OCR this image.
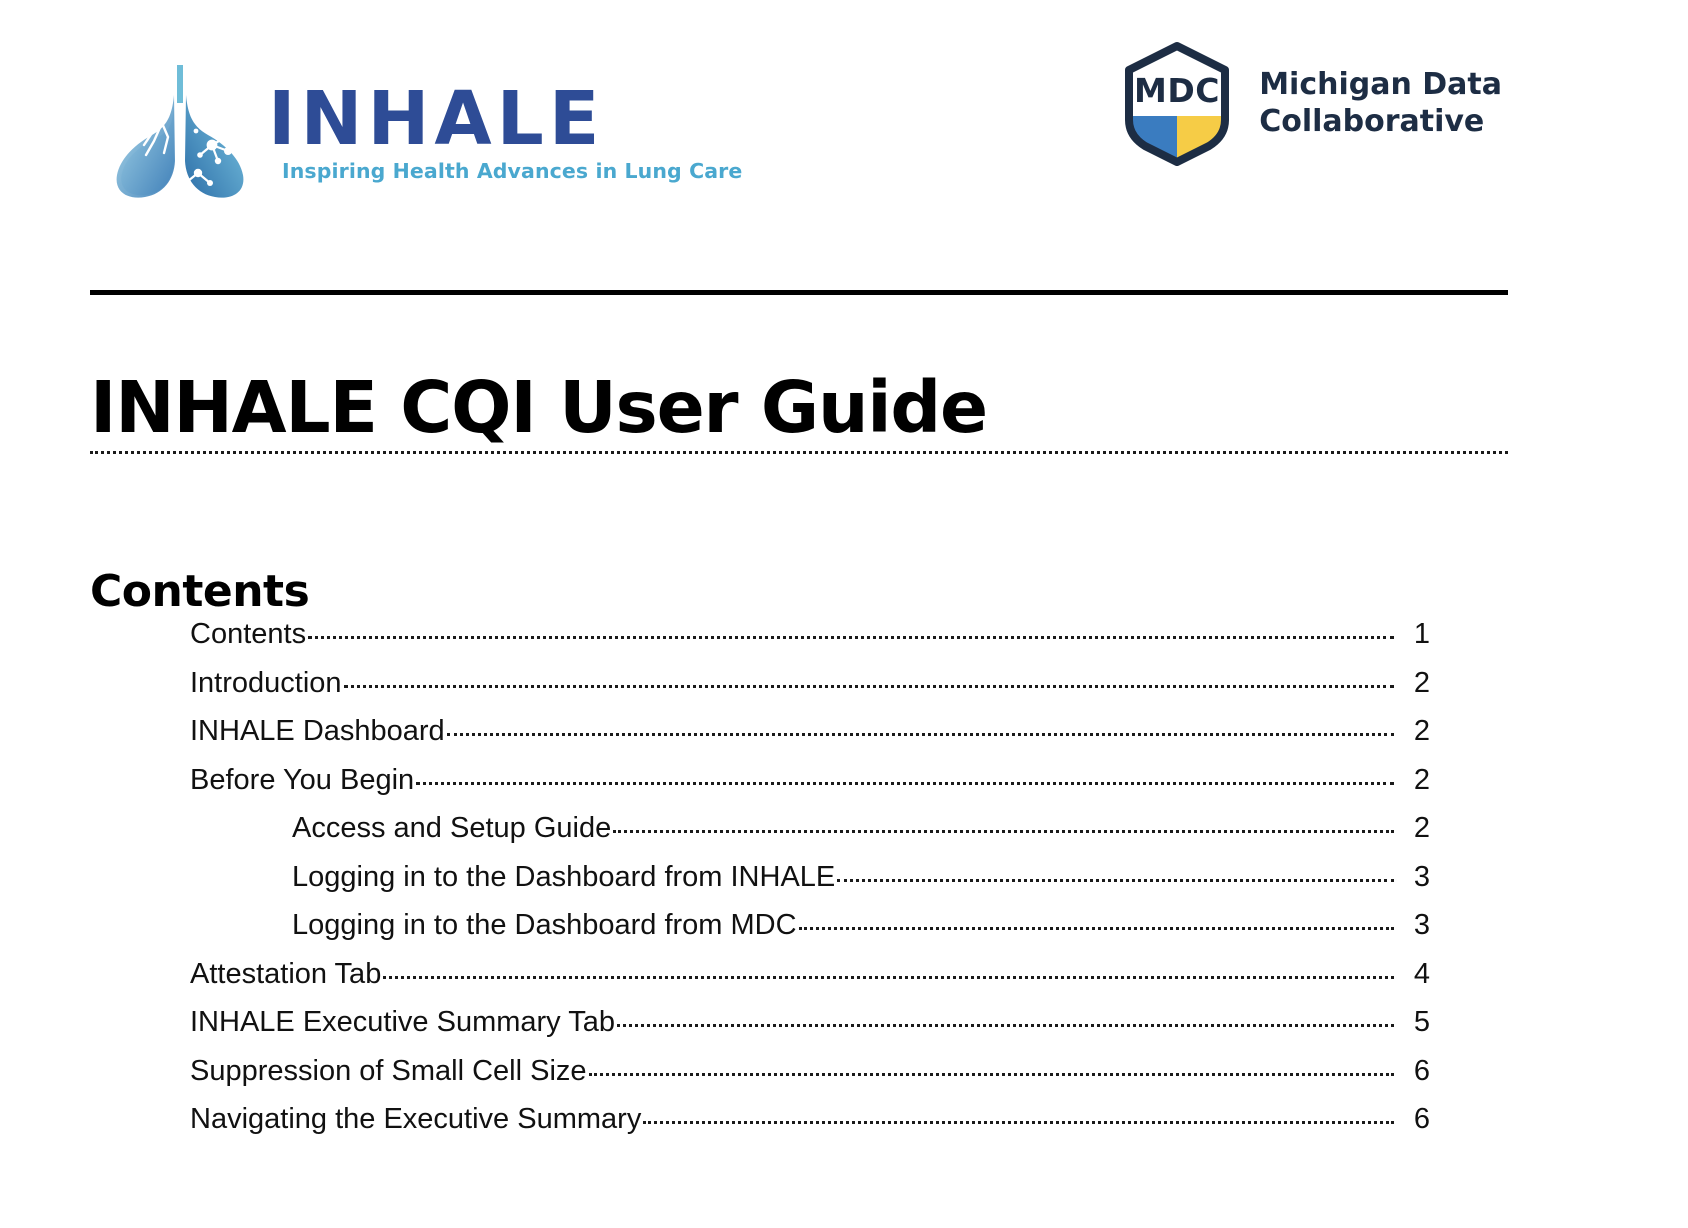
INHALE
Inspiring Health Advances in Lung Care
MDC Michigan Data
Collaborative
INHALE CQI User Guide
Contents
Contents	1
Introduction	2
INHALE Dashboard	2
Before You Begin	2
Access and Setup Guide	2
Logging in to the Dashboard from INHALE	3
Logging in to the Dashboard from MDC	3
Attestation Tab	4
INHALE Executive Summary Tab	5
Suppression of Small Cell Size	6
Navigating the Executive Summary	6
